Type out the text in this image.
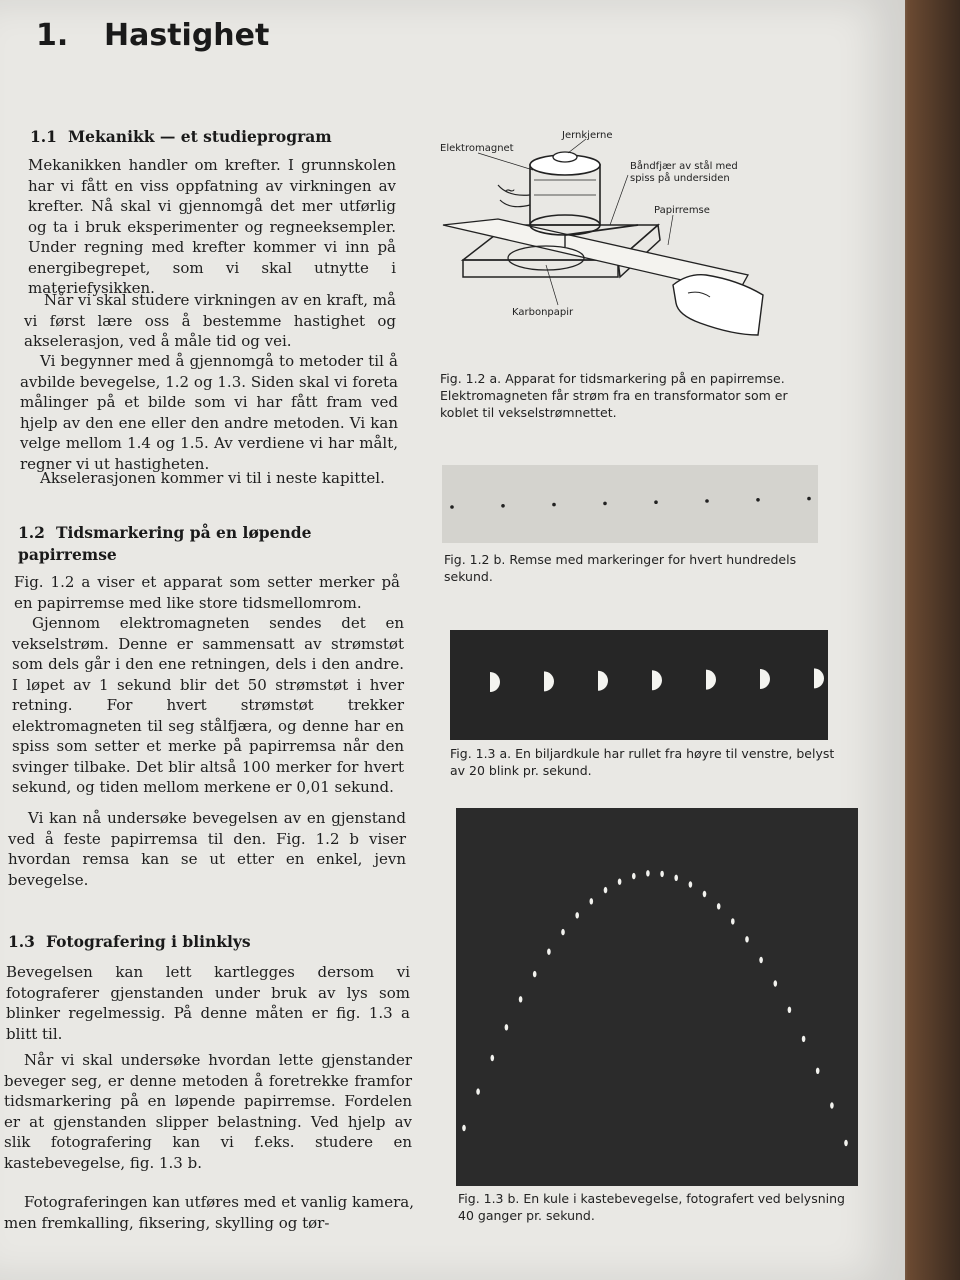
1. Hastighet
1.1 Mekanikk — et studieprogram

Mekanikken handler om krefter. I grunnskolen har vi fått en viss oppfatning av virkningen av krefter. Nå skal vi gjennomgå det mer utførlig og ta i bruk eksperimenter og regneeksempler. Under regning med krefter kommer vi inn på energibegrepet, som vi skal utnytte i materiefysikken.

Når vi skal studere virkningen av en kraft, må vi først lære oss å bestemme hastighet og akselerasjon, ved å måle tid og vei.

Vi begynner med å gjennomgå to metoder til å avbilde bevegelse, 1.2 og 1.3. Siden skal vi foreta målinger på et bilde som vi har fått fram ved hjelp av den ene eller den andre metoden. Vi kan velge mellom 1.4 og 1.5. Av verdiene vi har målt, regner vi ut hastigheten.

Akselerasjonen kommer vi til i neste kapittel.

1.2 Tidsmarkering på en løpende papirremse

Fig. 1.2 a viser et apparat som setter merker på en papirremse med like store tidsmellomrom.

Gjennom elektromagneten sendes det en vekselstrøm. Denne er sammensatt av strømstøt som dels går i den ene retningen, dels i den andre. I løpet av 1 sekund blir det 50 strømstøt i hver retning. For hvert strømstøt trekker elektromagneten til seg stålfjæra, og denne har en spiss som setter et merke på papirremsa når den svinger tilbake. Det blir altså 100 merker for hvert sekund, og tiden mellom merkene er 0,01 sekund.

Vi kan nå undersøke bevegelsen av en gjenstand ved å feste papirremsa til den. Fig. 1.2 b viser hvordan remsa kan se ut etter en enkel, jevn bevegelse.

1.3 Fotografering i blinklys

Bevegelsen kan lett kartlegges dersom vi fotograferer gjenstanden under bruk av lys som blinker regelmessig. På denne måten er fig. 1.3 a blitt til.

Når vi skal undersøke hvordan lette gjenstander beveger seg, er denne metoden å foretrekke framfor tidsmarkering på en løpende papirremse. Fordelen er at gjenstanden slipper belastning. Ved hjelp av slik fotografering kan vi f.eks. studere en kastebevegelse, fig. 1.3 b.

Fotograferingen kan utføres med et vanlig kamera, men fremkalling, fiksering, skylling og tør-

Elektromagnet
Jernkjerne
Båndfjær av stål med
spiss på undersiden
Papirremse
Karbonpapir
~

Fig. 1.2 a. Apparat for tidsmarkering på en papirremse. Elektromagneten får strøm fra en transformator som er koblet til vekselstrømnettet.

Fig. 1.2 b. Remse med markeringer for hvert hundredels sekund.

Fig. 1.3 a. En biljardkule har rullet fra høyre til venstre, belyst av 20 blink pr. sekund.

Fig. 1.3 b. En kule i kastebevegelse, fotografert ved belysning 40 ganger pr. sekund.
